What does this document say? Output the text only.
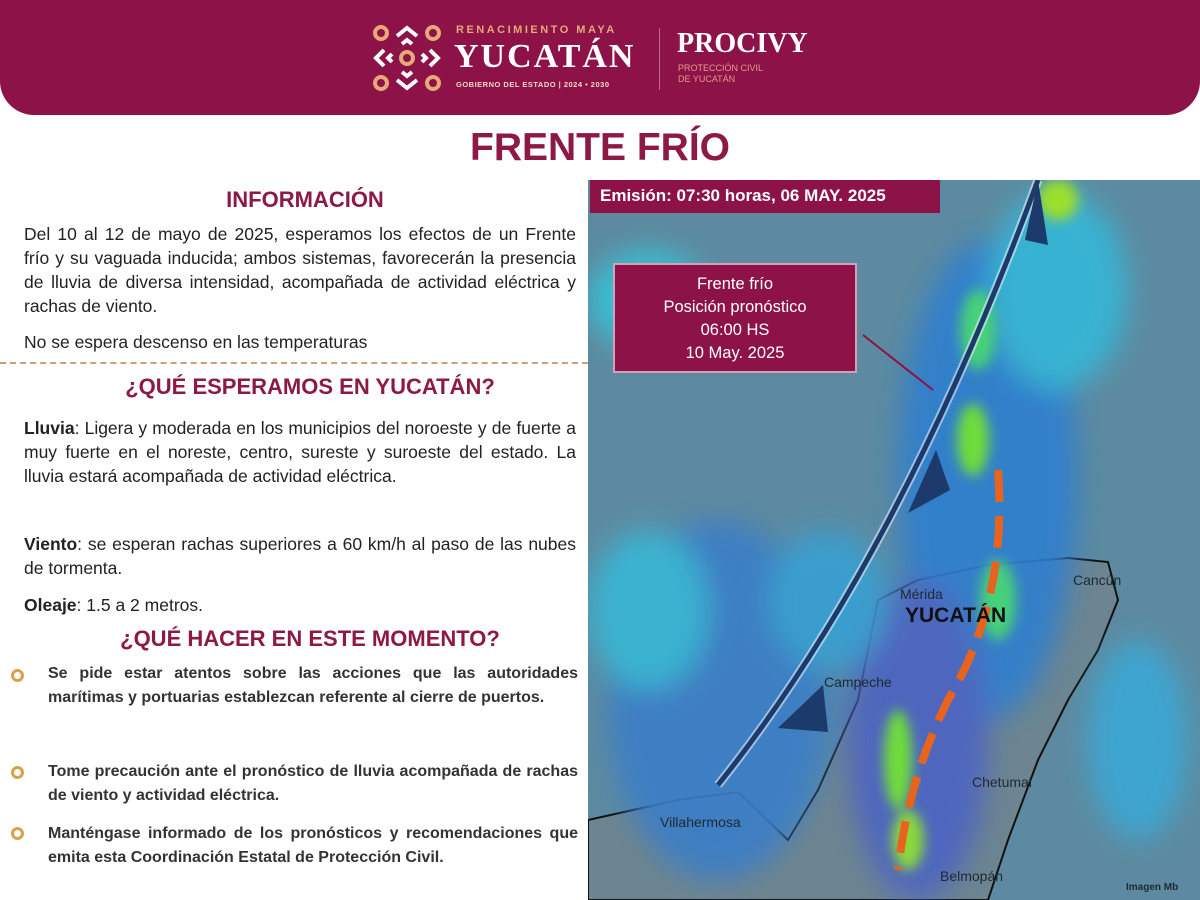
RENACIMIENTO MAYA
YUCATÁN
GOBIERNO DEL ESTADO | 2024 • 2030
PROCIVY
PROTECCIÓN CIVIL
DE YUCATÁN
FRENTE FRÍO
INFORMACIÓN
Del 10 al 12 de mayo de 2025, esperamos los efectos de un Frente frío y su vaguada inducida; ambos sistemas, favorecerán la presencia de lluvia de diversa intensidad, acompañada de actividad eléctrica y rachas de viento.
No se espera descenso en las temperaturas
¿QUÉ ESPERAMOS EN YUCATÁN?
Lluvia: Ligera y moderada en los municipios del noroeste y de fuerte a muy fuerte en el noreste, centro, sureste y suroeste del estado. La lluvia estará acompañada de actividad eléctrica.
Viento: se esperan rachas superiores a 60 km/h al paso de las nubes de tormenta.
Oleaje: 1.5 a 2 metros.
¿QUÉ HACER EN ESTE MOMENTO?
Se pide estar atentos sobre las acciones que las autoridades marítimas y portuarias establezcan referente al cierre de puertos.
Tome precaución ante el pronóstico de lluvia acompañada de rachas de viento y actividad eléctrica.
Manténgase informado de los pronósticos y recomendaciones que emita esta Coordinación Estatal de Protección Civil.
Mérida
YUCATÁN
Cancún
Campeche
Chetumal
Villahermosa
Belmopán
Imagen Mb
Emisión: 07:30 horas, 06 MAY. 2025
Frente frío
Posición pronóstico
06:00 HS
10 May. 2025
